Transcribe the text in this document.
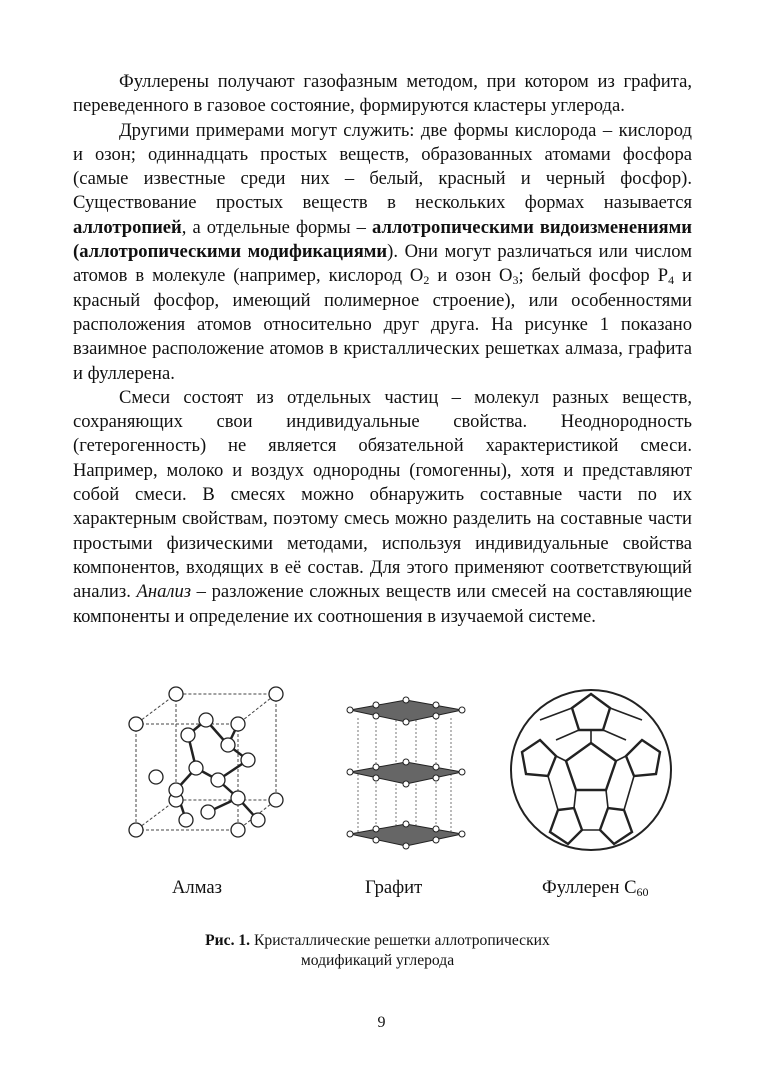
Фуллерены получают газофазным методом, при котором из графита, переведенного в газовое состояние, формируются кластеры углерода.

Другими примерами могут служить: две формы кислорода – кислород и озон; одиннадцать простых веществ, образованных атомами фосфора (самые известные среди них – белый, красный и черный фосфор). Существование простых веществ в нескольких формах называется аллотропией, а отдельные формы – аллотропическими видоизменениями (аллотропическими модификациями). Они могут различаться или числом атомов в молекуле (например, кислород $O_2$ и озон $O_3$; белый фосфор $P_4$ и красный фосфор, имеющий полимерное строение), или особенностями расположения атомов относительно друг друга. На рисунке 1 показано взаимное расположение атомов в кристаллических решетках алмаза, графита и фуллерена.

Смеси состоят из отдельных частиц – молекул разных веществ, сохраняющих свои индивидуальные свойства. Неоднородность (гетерогенность) не является обязательной характеристикой смеси. Например, молоко и воздух однородны (гомогенны), хотя и представляют собой смеси. В смесях можно обнаружить составные части по их характерным свойствам, поэтому смесь можно разделить на составные части простыми физическими методами, используя индивидуальные свойства компонентов, входящих в её состав. Для этого применяют соответствующий анализ. Анализ – разложение сложных веществ или смесей на составляющие компоненты и определение их соотношения в изучаемой системе.

Алмаз	Графит	Фуллерен $C_{60}$
Рис. 1. Кристаллические решетки аллотропических
модификаций углерода
9
